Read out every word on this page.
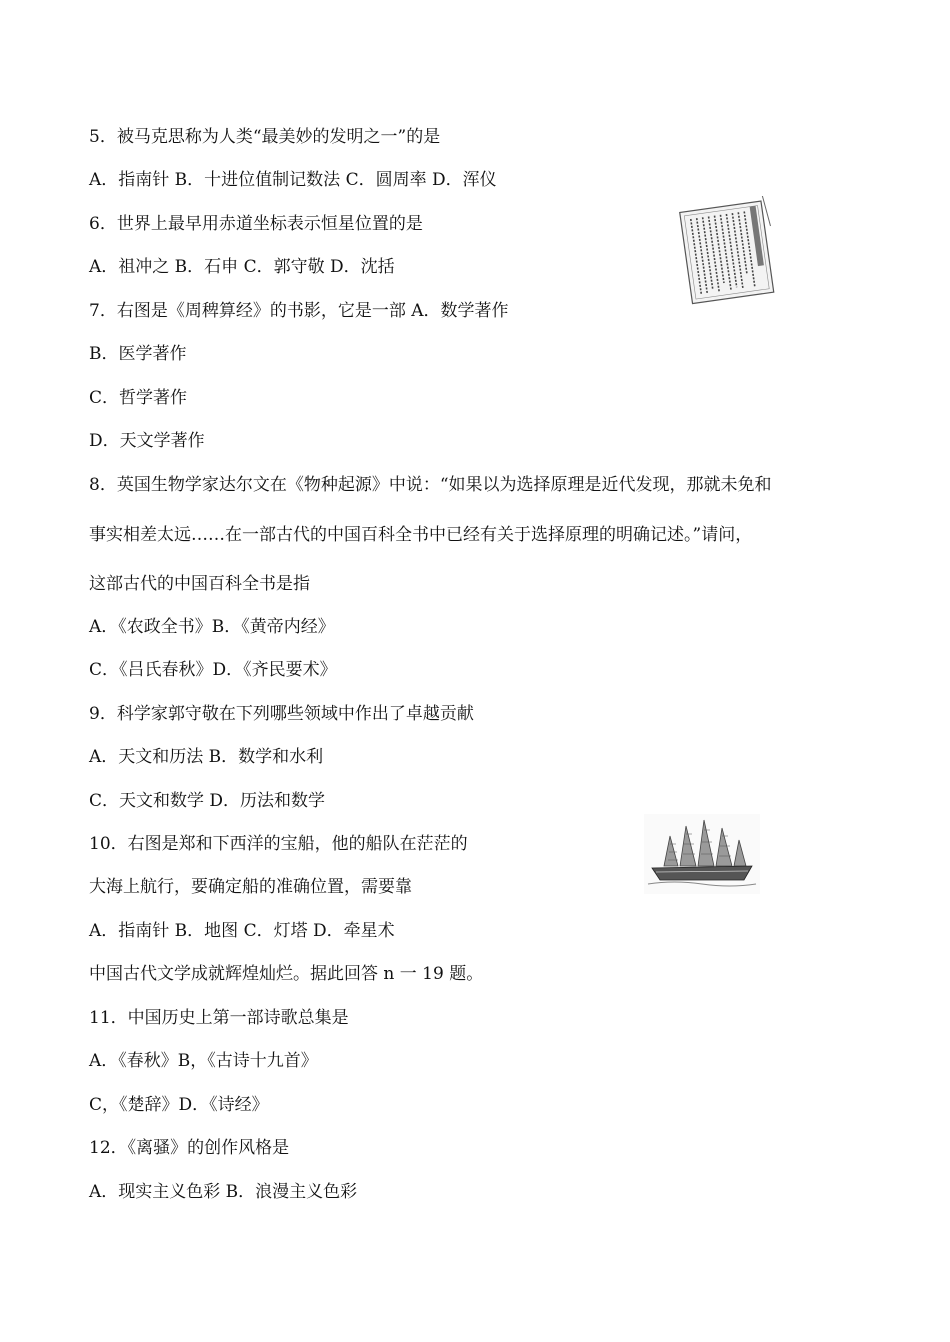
5．被马克思称为人类“最美妙的发明之一”的是
A．指南针 B．十进位值制记数法 C．圆周率 D．浑仪
6．世界上最早用赤道坐标表示恒星位置的是
A．祖冲之 B．石申 C．郭守敬 D．沈括
7．右图是《周稗算经》的书影，它是一部 A．数学著作
B．医学著作
C．哲学著作
D．天文学著作
8．英国生物学家达尔文在《物种起源》中说：“如果以为选择原理是近代发现，那就未免和
事实相差太远……在一部古代的中国百科全书中已经有关于选择原理的明确记述。”请问，
这部古代的中国百科全书是指
A．《农政全书》B．《黄帝内经》
C．《吕氏春秋》D．《齐民要术》
9．科学家郭守敬在下列哪些领域中作出了卓越贡献
A．天文和历法 B．数学和水利
C．天文和数学 D．历法和数学
10．右图是郑和下西洋的宝船，他的船队在茫茫的
大海上航行，要确定船的准确位置，需要靠
A．指南针 B．地图 C．灯塔 D．牵星术
中国古代文学成就辉煌灿烂。据此回答 n 一 19 题。
11．中国历史上第一部诗歌总集是
A．《春秋》B，《古诗十九首》
C，《楚辞》D．《诗经》
12．《离骚》的创作风格是
A．现实主义色彩 B．浪漫主义色彩
